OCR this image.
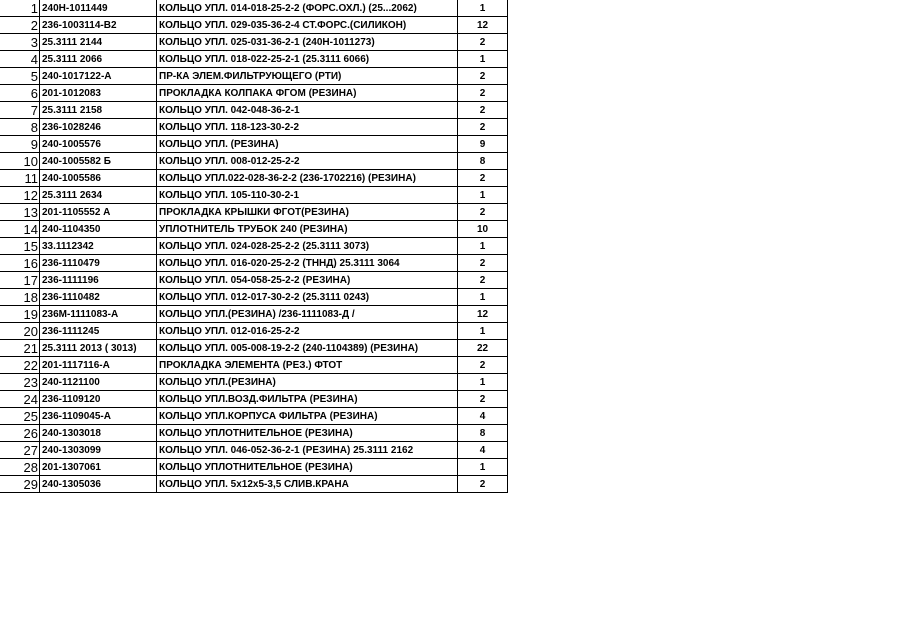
1	240Н-1011449	КОЛЬЦО УПЛ. 014-018-25-2-2 (ФОРС.ОХЛ.) (25...2062)	1
2	236-1003114-В2	КОЛЬЦО УПЛ. 029-035-36-2-4 СТ.ФОРС.(СИЛИКОН)	12
3	25.3111 2144	КОЛЬЦО УПЛ. 025-031-36-2-1 (240Н-1011273)	2
4	25.3111 2066	КОЛЬЦО УПЛ. 018-022-25-2-1 (25.3111 6066)	1
5	240-1017122-А	ПР-КА ЭЛЕМ.ФИЛЬТРУЮЩЕГО (РТИ)	2
6	201-1012083	ПРОКЛАДКА КОЛПАКА ФГОМ (РЕЗИНА)	2
7	25.3111 2158	КОЛЬЦО УПЛ. 042-048-36-2-1	2
8	236-1028246	КОЛЬЦО УПЛ. 118-123-30-2-2	2
9	240-1005576	КОЛЬЦО УПЛ. (РЕЗИНА)	9
10	240-1005582 Б	КОЛЬЦО УПЛ. 008-012-25-2-2	8
11	240-1005586	КОЛЬЦО УПЛ.022-028-36-2-2 (236-1702216) (РЕЗИНА)	2
12	25.3111 2634	КОЛЬЦО УПЛ. 105-110-30-2-1	1
13	201-1105552 А	ПРОКЛАДКА КРЫШКИ ФГОТ(РЕЗИНА)	2
14	240-1104350	УПЛОТНИТЕЛЬ ТРУБОК 240 (РЕЗИНА)	10
15	33.1112342	КОЛЬЦО УПЛ. 024-028-25-2-2 (25.3111 3073)	1
16	236-1110479	КОЛЬЦО УПЛ. 016-020-25-2-2 (ТННД) 25.3111 3064	2
17	236-1111196	КОЛЬЦО УПЛ. 054-058-25-2-2 (РЕЗИНА)	2
18	236-1110482	КОЛЬЦО УПЛ. 012-017-30-2-2 (25.3111 0243)	1
19	236М-1111083-А	КОЛЬЦО УПЛ.(РЕЗИНА) /236-1111083-Д /	12
20	236-1111245	КОЛЬЦО УПЛ. 012-016-25-2-2	1
21	25.3111 2013 ( 3013)	КОЛЬЦО УПЛ. 005-008-19-2-2 (240-1104389) (РЕЗИНА)	22
22	201-1117116-А	ПРОКЛАДКА ЭЛЕМЕНТА (РЕЗ.) ФТОТ	2
23	240-1121100	КОЛЬЦО УПЛ.(РЕЗИНА)	1
24	236-1109120	КОЛЬЦО УПЛ.ВОЗД.ФИЛЬТРА (РЕЗИНА)	2
25	236-1109045-А	КОЛЬЦО УПЛ.КОРПУСА ФИЛЬТРА (РЕЗИНА)	4
26	240-1303018	КОЛЬЦО УПЛОТНИТЕЛЬНОЕ (РЕЗИНА)	8
27	240-1303099	КОЛЬЦО УПЛ. 046-052-36-2-1 (РЕЗИНА) 25.3111 2162	4
28	201-1307061	КОЛЬЦО УПЛОТНИТЕЛЬНОЕ (РЕЗИНА)	1
29	240-1305036	КОЛЬЦО УПЛ. 5х12х5-3,5 СЛИВ.КРАНА	2
